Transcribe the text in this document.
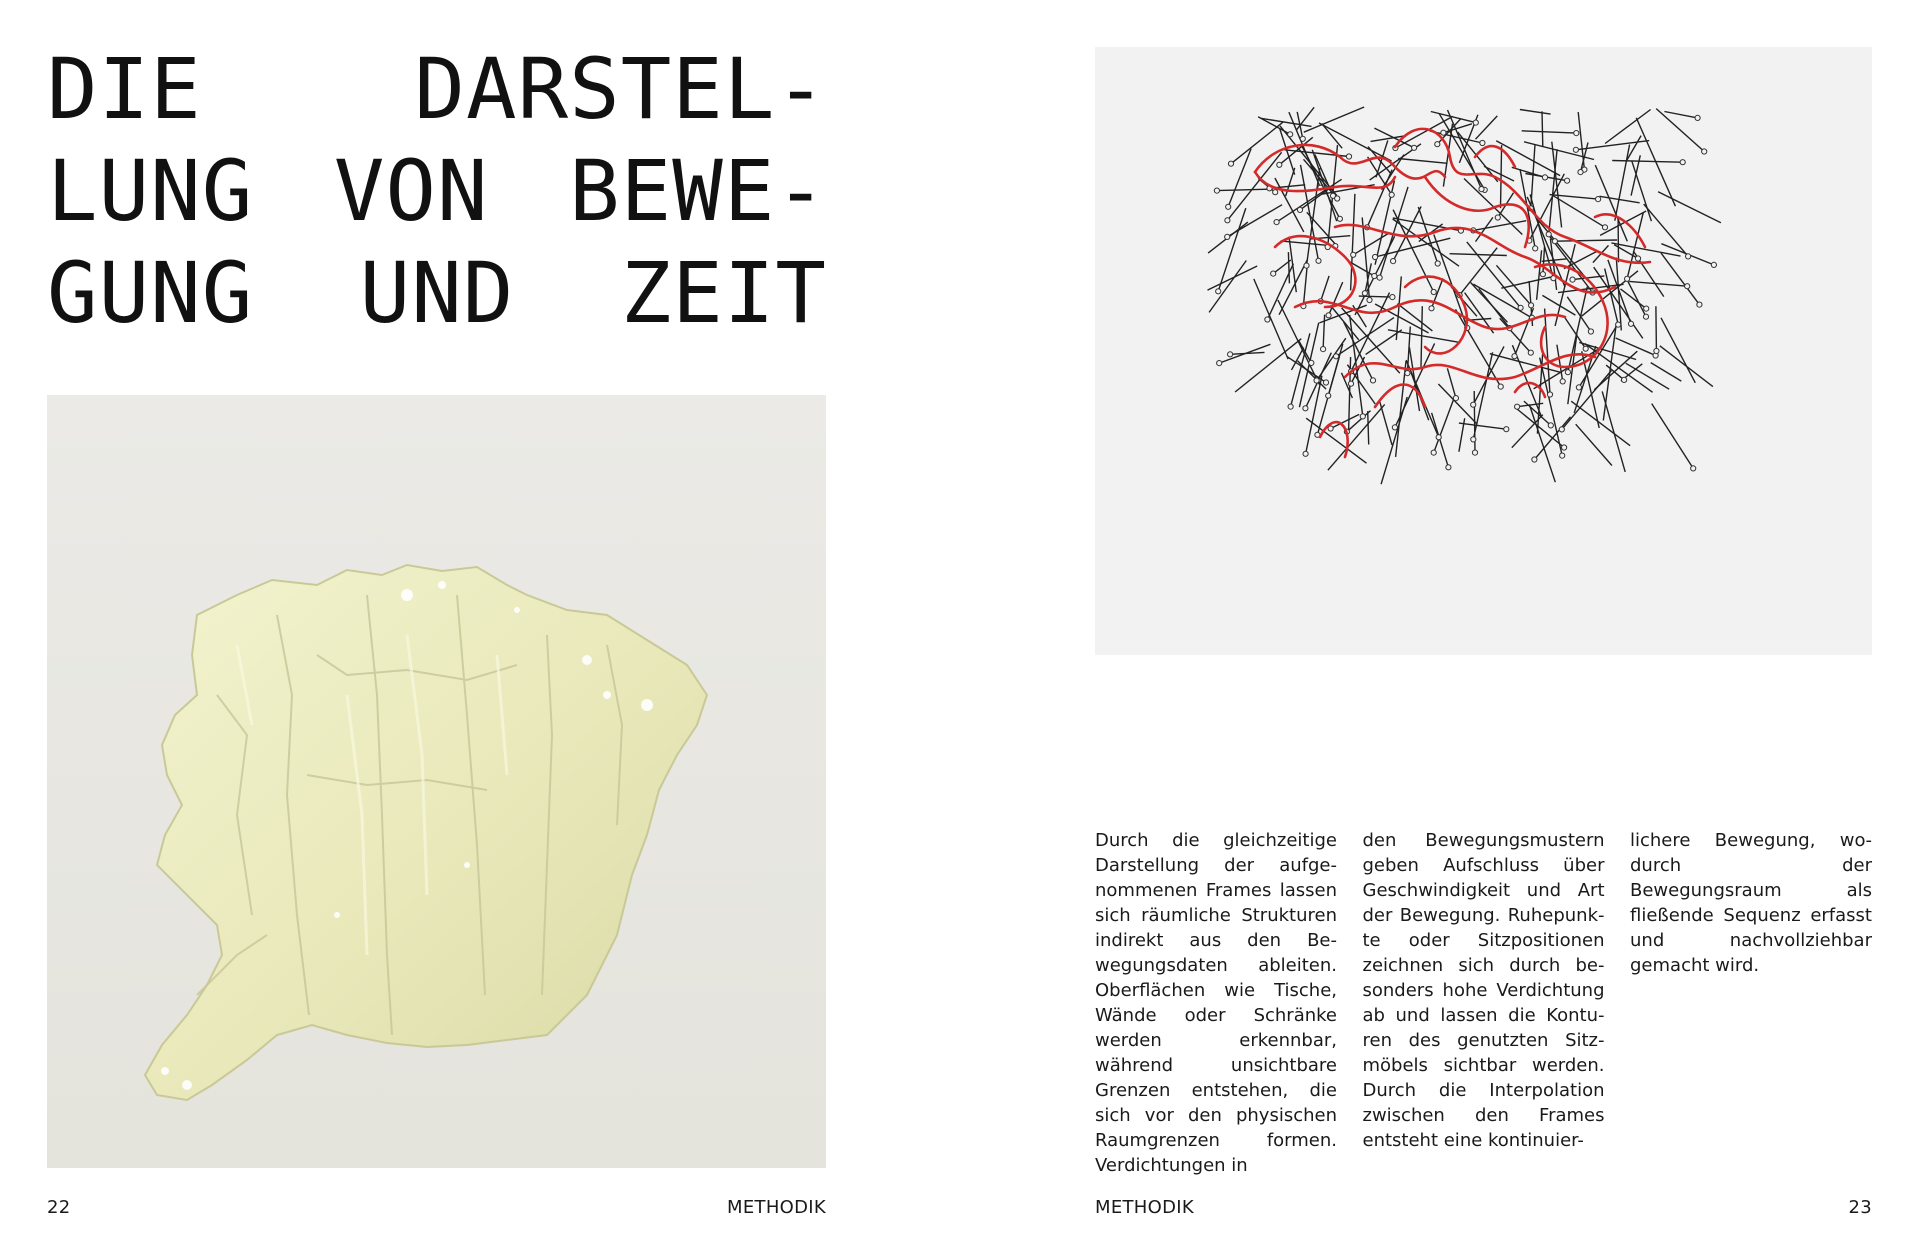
DIE	DARSTEL-
LUNG VON BEWE-
GUNG UND ZEIT
22	METHODIK

Durch die gleichzeitige Darstellung der aufgenommenen Frames lassen sich räumliche Strukturen indirekt aus den Bewegungsdaten ableiten. Oberflächen wie Tische, Wände oder Schränke werden erkennbar, während unsichtbare Grenzen entstehen, die sich vor den physischen Raumgrenzen formen. Verdichtungen in

den Bewegungsmustern geben Aufschluss über Geschwindigkeit und Art der Bewegung. Ruhepunkte oder Sitzpositionen zeichnen sich durch besonders hohe Verdichtung ab und lassen die Konturen des genutzten Sitzmöbels sichtbar werden. Durch die Interpolation zwischen den Frames entsteht eine kontinuier-

lichere Bewegung, wodurch der Bewegungsraum als fließende Sequenz erfasst und nachvollziehbar gemacht wird.

METHODIK	23
